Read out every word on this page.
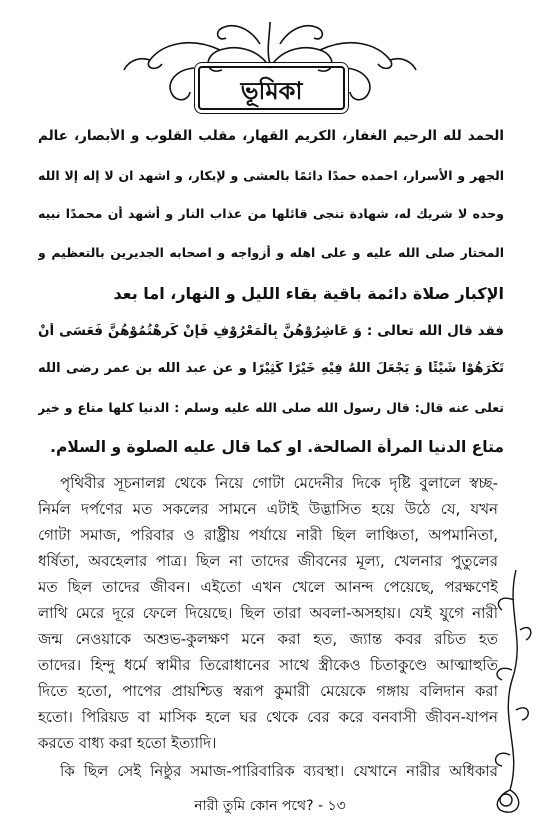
ভূমিকা
الحمد لله الرحيم الغفار، الكريم القهار، مقلب القلوب و الأبصار، عالم
الجهر و الأسرار، احمده حمدًا دائمًا بالعشى و لإبكار، و اشهد ان لا إله إلا الله
وحده لا شريك له، شهادة تنجى قائلها من عذاب النار و أشهد أن محمدًا نبيه
المختار صلى الله عليه و على اهله و أزواجه و اصحابه الجديرين بالتعظيم و
الإكبار صلاة دائمة باقية بقاء الليل و النهار، اما بعد
فقد قال الله تعالى : وَ عَاشِرُوْهُنَّ بِالْمَعْرُوْفِ فَإِنْ كَرِهْتُمُوْهُنَّ فَعَسَى أَنْ
تَكْرَهُوْا شَيْئًا وَ يَجْعَلَ اللهُ فِيْهِ خَيْرًا كَثِيْرًا و عن عبد الله بن عمر رضى الله
تعلى عنه قال: قال رسول الله صلى الله عليه وسلم : الدنيا كلها متاع و خير
متاع الدنيا المرأة الصالحة. او كما قال عليه الصلوة و السلام.
পৃথিবীর সূচনালগ্ন থেকে নিয়ে গোটা মেদেনীর দিকে দৃষ্টি বুলালে স্বচ্ছ-
নির্মল দর্পণের মত সকলের সামনে এটাই উদ্ভাসিত হয়ে উঠে যে, যখন
গোটা সমাজ, পরিবার ও রাষ্ট্রীয় পর্যায়ে নারী ছিল লাঞ্চিতা, অপমানিতা,
ধর্ষিতা, অবহেলার পাত্র। ছিল না তাদের জীবনের মূল্য, খেলনার পুতুলের
মত ছিল তাদের জীবন। এইতো এখন খেলে আনন্দ পেয়েছে, পরক্ষণেই
লাথি মেরে দূরে ফেলে দিয়েছে। ছিল তারা অবলা-অসহায়। যেই যুগে নারী
জন্ম নেওয়াকে অশুভ-কুলক্ষণ মনে করা হত, জ্যান্ত কবর রচিত হত
তাদের। হিন্দু ধর্মে স্বামীর তিরোধানের সাথে স্ত্রীকেও চিতাকুণ্ডে আত্মাহুতি
দিতে হতো, পাপের প্রায়শ্চিত্ত স্বরূপ কুমারী মেয়েকে গঙ্গায় বলিদান করা
হতো। পিরিয়ড বা মাসিক হলে ঘর থেকে বের করে বনবাসী জীবন-যাপন
করতে বাধ্য করা হতো ইত্যাদি।
কি ছিল সেই নিষ্ঠুর সমাজ-পারিবারিক ব্যবস্থা। যেখানে নারীর অধিকার
নারী তুমি কোন পথে? - ১৩
